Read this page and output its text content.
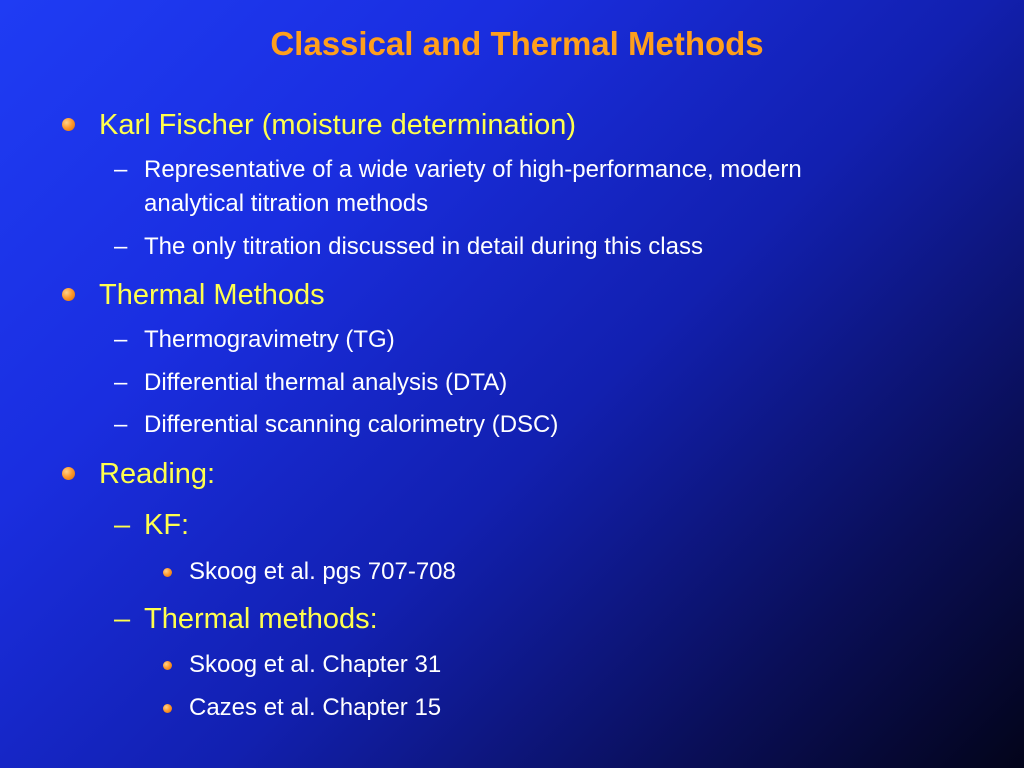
Classical and Thermal Methods
Karl Fischer (moisture determination)
– Representative of a wide variety of high-performance, modern
analytical titration methods
– The only titration discussed in detail during this class
Thermal Methods
– Thermogravimetry (TG)
– Differential thermal analysis (DTA)
– Differential scanning calorimetry (DSC)
Reading:
– KF:
Skoog et al. pgs 707-708
– Thermal methods:
Skoog et al. Chapter 31
Cazes et al. Chapter 15
